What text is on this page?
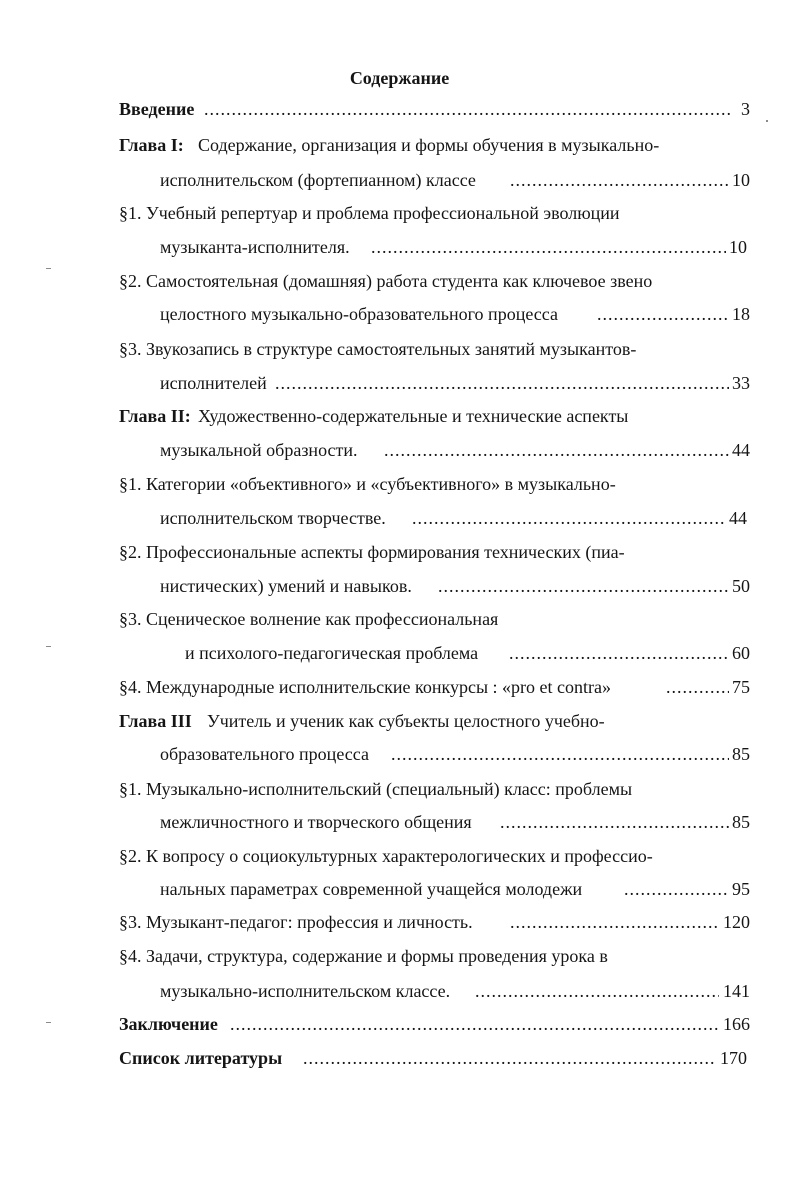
Содержание
Введение .....	3
Глава I: Содержание, организация и формы обучения в музыкально-
исполнительском (фортепианном) классе .....	10
§1. Учебный репертуар и проблема профессиональной эволюции
музыканта-исполнителя. .....	10
§2. Самостоятельная (домашняя) работа студента как ключевое звено
целостного музыкально-образовательного процесса .....	18
§3. Звукозапись в структуре самостоятельных занятий музыкантов-
исполнителей .....	33
Глава II: Художественно-содержательные и технические аспекты
музыкальной образности. .....	44
§1. Категории «объективного» и «субъективного» в музыкально-
исполнительском творчестве. .....	44
§2. Профессиональные аспекты формирования технических (пиа-
нистических) умений и навыков. .....	50
§3. Сценическое волнение как профессиональная
и психолого-педагогическая проблема .....	60
§4. Международные исполнительские конкурсы : «pro et contra» .....	75
Глава III Учитель и ученик как субъекты целостного учебно-
образовательного процесса .....	85
§1. Музыкально-исполнительский (специальный) класс: проблемы
межличностного и творческого общения .....	85
§2. К вопросу о социокультурных характерологических и профессио-
нальных параметрах современной учащейся молодежи .....	95
§3. Музыкант-педагог: профессия и личность. .....	120
§4. Задачи, структура, содержание и формы проведения урока в
музыкально-исполнительском классе. .....	141
Заключение .....	166
Список литературы .....	170
